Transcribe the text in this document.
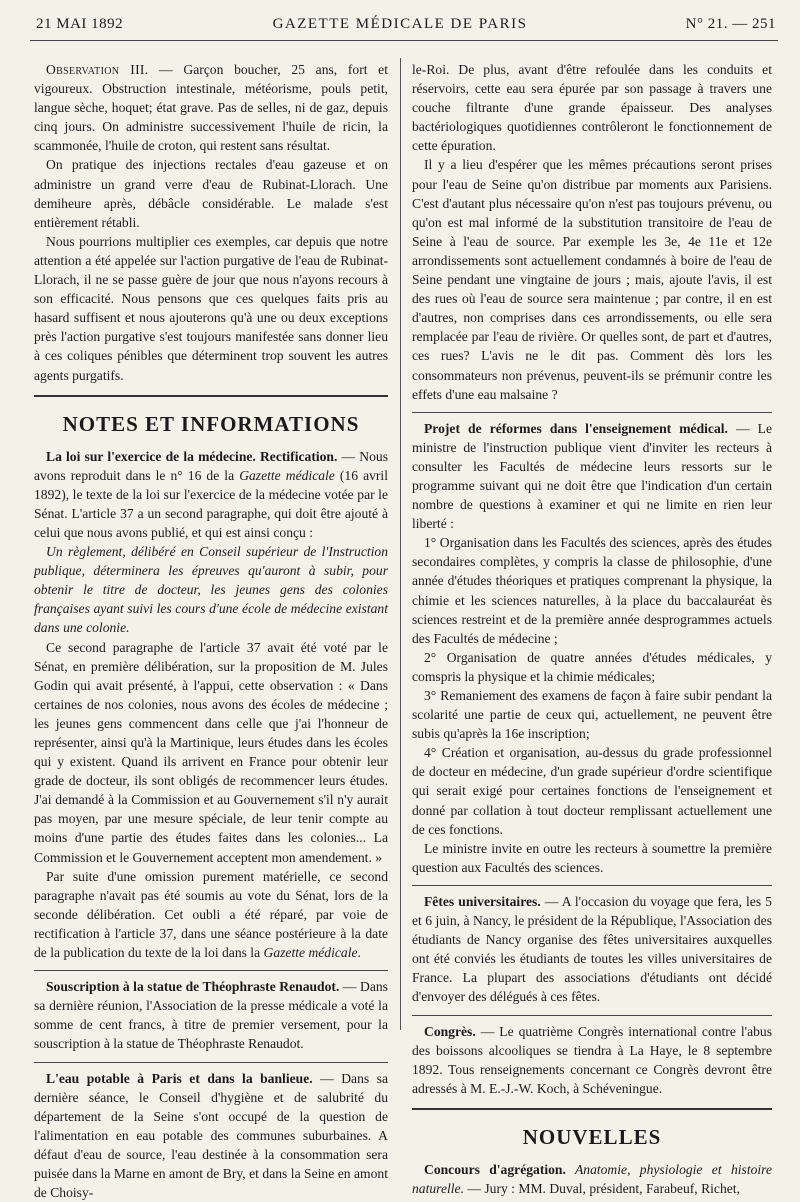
21 MAI 1892	GAZETTE MÉDICALE DE PARIS	N° 21. — 251

Observation III. — Garçon boucher, 25 ans, fort et vigoureux. Obstruction intestinale, météorisme, pouls petit, langue sèche, hoquet; état grave. Pas de selles, ni de gaz, depuis cinq jours. On administre successivement l'huile de ricin, la scammonée, l'huile de croton, qui restent sans résultat.

On pratique des injections rectales d'eau gazeuse et on administre un grand verre d'eau de Rubinat-Llorach. Une demiheure après, débâcle considérable. Le malade s'est entièrement rétabli.

Nous pourrions multiplier ces exemples, car depuis que notre attention a été appelée sur l'action purgative de l'eau de Rubinat-Llorach, il ne se passe guère de jour que nous n'ayons recours à son efficacité. Nous pensons que ces quelques faits pris au hasard suffisent et nous ajouterons qu'à une ou deux exceptions près l'action purgative s'est toujours manifestée sans donner lieu à ces coliques pénibles que déterminent trop souvent les autres agents purgatifs.

NOTES ET INFORMATIONS

La loi sur l'exercice de la médecine. Rectification. — Nous avons reproduit dans le n° 16 de la Gazette médicale (16 avril 1892), le texte de la loi sur l'exercice de la médecine votée par le Sénat. L'article 37 a un second paragraphe, qui doit être ajouté à celui que nous avons publié, et qui est ainsi conçu :

Un règlement, délibéré en Conseil supérieur de l'Instruction publique, déterminera les épreuves qu'auront à subir, pour obtenir le titre de docteur, les jeunes gens des colonies françaises ayant suivi les cours d'une école de médecine existant dans une colonie.

Ce second paragraphe de l'article 37 avait été voté par le Sénat, en première délibération, sur la proposition de M. Jules Godin qui avait présenté, à l'appui, cette observation : « Dans certaines de nos colonies, nous avons des écoles de médecine ; les jeunes gens commencent dans celle que j'ai l'honneur de représenter, ainsi qu'à la Martinique, leurs études dans les écoles qui y existent. Quand ils arrivent en France pour obtenir leur grade de docteur, ils sont obligés de recommencer leurs études. J'ai demandé à la Commission et au Gouvernement s'il n'y aurait pas moyen, par une mesure spéciale, de leur tenir compte au moins d'une partie des études faites dans les colonies... La Commission et le Gouvernement acceptent mon amendement. »

Par suite d'une omission purement matérielle, ce second paragraphe n'avait pas été soumis au vote du Sénat, lors de la seconde délibération. Cet oubli a été réparé, par voie de rectification à l'article 37, dans une séance postérieure à la date de la publication du texte de la loi dans la Gazette médicale.

Souscription à la statue de Théophraste Renaudot. — Dans sa dernière réunion, l'Association de la presse médicale a voté la somme de cent francs, à titre de premier versement, pour la souscription à la statue de Théophraste Renaudot.

L'eau potable à Paris et dans la banlieue. — Dans sa dernière séance, le Conseil d'hygiène et de salubrité du département de la Seine s'ont occupé de la question de l'alimentation en eau potable des communes suburbaines. A défaut d'eau de source, l'eau destinée à la consommation sera puisée dans la Marne en amont de Bry, et dans la Seine en amont de Choisy-

le-Roi. De plus, avant d'être refoulée dans les conduits et réservoirs, cette eau sera épurée par son passage à travers une couche filtrante d'une grande épaisseur. Des analyses bactériologiques quotidiennes contrôleront le fonctionnement de cette épuration.

Il y a lieu d'espérer que les mêmes précautions seront prises pour l'eau de Seine qu'on distribue par moments aux Parisiens. C'est d'autant plus nécessaire qu'on n'est pas toujours prévenu, ou qu'on est mal informé de la substitution transitoire de l'eau de Seine à l'eau de source. Par exemple les 3e, 4e 11e et 12e arrondissements sont actuellement condamnés à boire de l'eau de Seine pendant une vingtaine de jours ; mais, ajoute l'avis, il est des rues où l'eau de source sera maintenue ; par contre, il en est d'autres, non comprises dans ces arrondissements, ou elle sera remplacée par l'eau de rivière. Or quelles sont, de part et d'autres, ces rues? L'avis ne le dit pas. Comment dès lors les consommateurs non prévenus, peuvent-ils se prémunir contre les effets d'une eau malsaine ?

Projet de réformes dans l'enseignement médical. — Le ministre de l'instruction publique vient d'inviter les recteurs à consulter les Facultés de médecine leurs ressorts sur le programme suivant qui ne doit être que l'indication d'un certain nombre de questions à examiner et qui ne limite en rien leur liberté :

1° Organisation dans les Facultés des sciences, après des études secondaires complètes, y compris la classe de philosophie, d'une année d'études théoriques et pratiques comprenant la physique, la chimie et les sciences naturelles, à la place du baccalauréat ès sciences restreint et de la première année desprogrammes actuels des Facultés de médecine ;

2° Organisation de quatre années d'études médicales, y comspris la physique et la chimie médicales;

3° Remaniement des examens de façon à faire subir pendant la scolarité une partie de ceux qui, actuellement, ne peuvent être subis qu'après la 16e inscription;

4° Création et organisation, au-dessus du grade professionnel de docteur en médecine, d'un grade supérieur d'ordre scientifique qui serait exigé pour certaines fonctions de l'enseignement et donné par collation à tout docteur remplissant actuellement une de ces fonctions.

Le ministre invite en outre les recteurs à soumettre la première question aux Facultés des sciences.

Fêtes universitaires. — A l'occasion du voyage que fera, les 5 et 6 juin, à Nancy, le président de la République, l'Association des étudiants de Nancy organise des fêtes universitaires auxquelles ont été conviés les étudiants de toutes les villes universitaires de France. La plupart des associations d'étudiants ont décidé d'envoyer des délégués à ces fêtes.

Congrès. — Le quatrième Congrès international contre l'abus des boissons alcooliques se tiendra à La Haye, le 8 septembre 1892. Tous renseignements concernant ce Congrès devront être adressés à M. E.-J.-W. Koch, à Schéveningue.

NOUVELLES

Concours d'agrégation. Anatomie, physiologie et histoire naturelle. — Jury : MM. Duval, président, Farabeuf, Richet,
